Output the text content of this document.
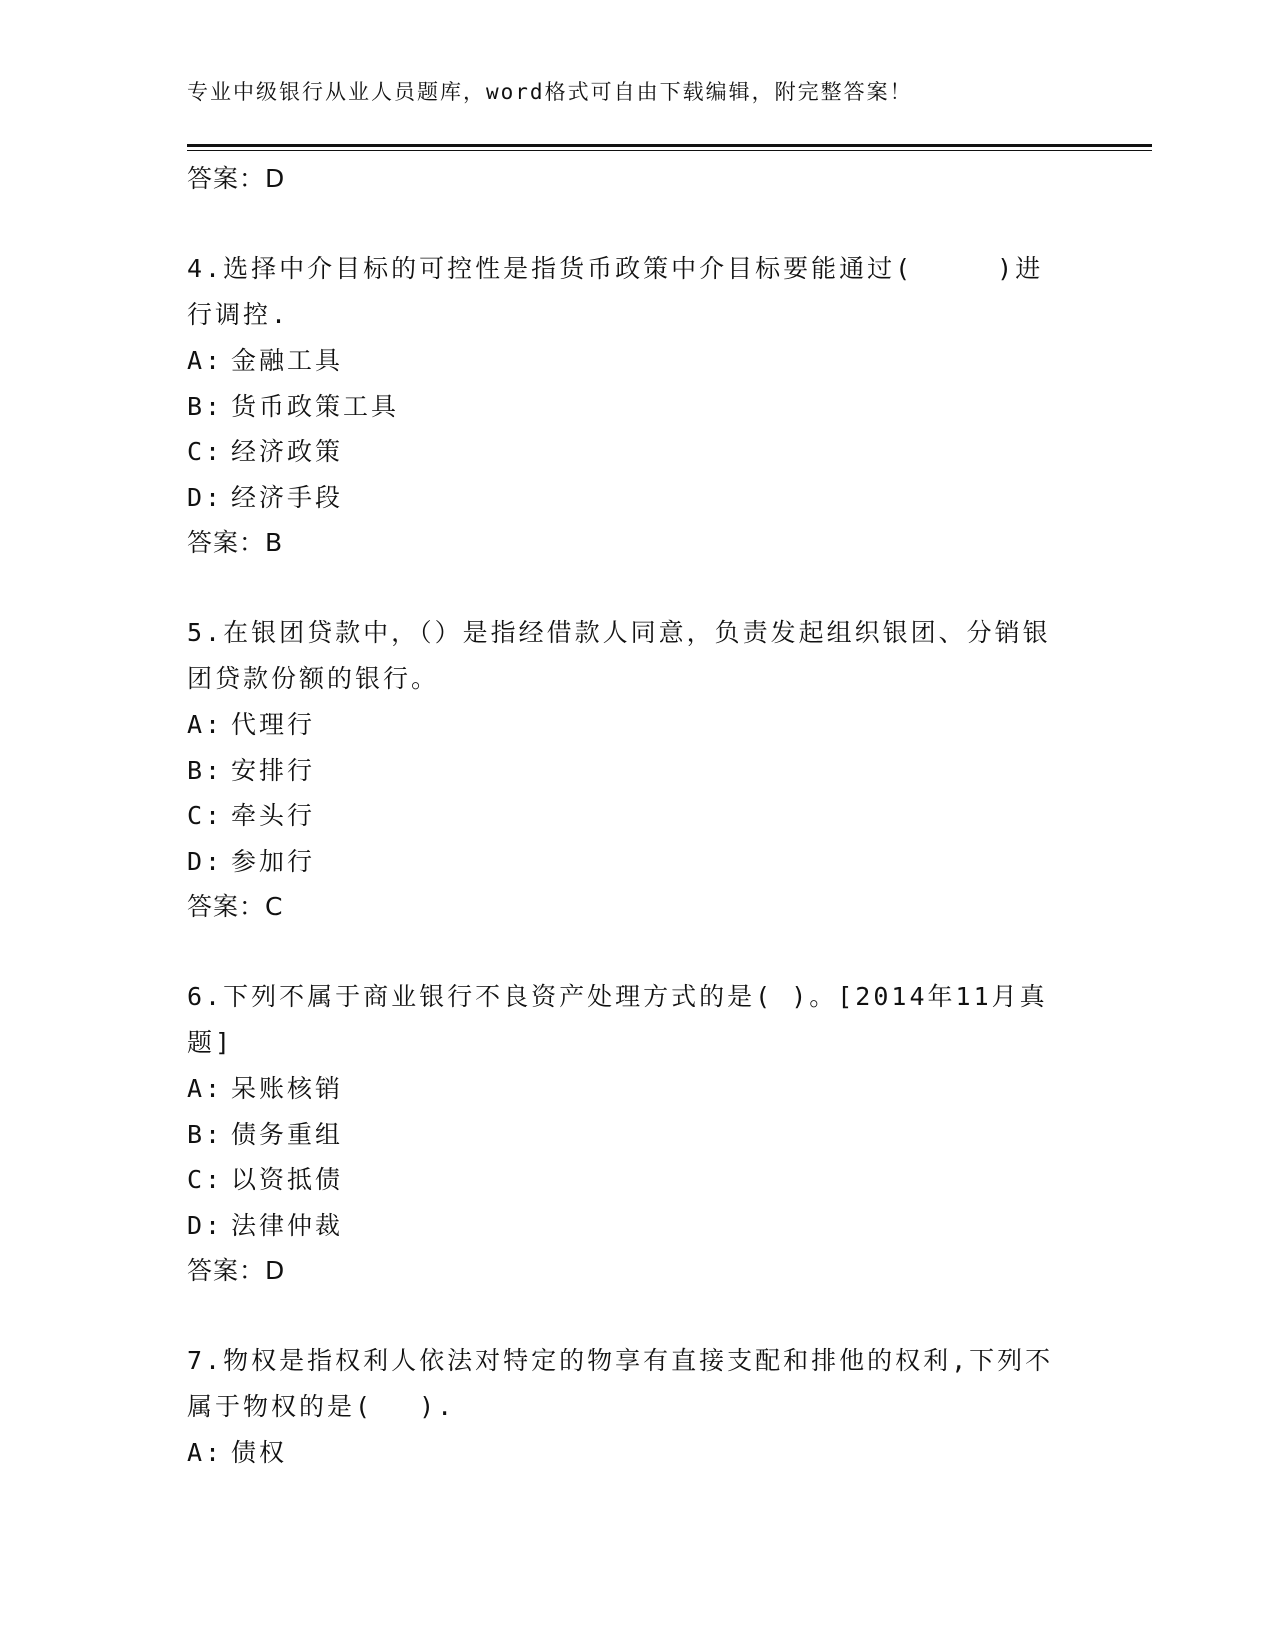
专业中级银行从业人员题库，word格式可自由下载编辑，附完整答案！
答案：D
4.选择中介目标的可控性是指货币政策中介目标要能通过(　　　)进行调控.
A: 金融工具
B: 货币政策工具
C: 经济政策
D: 经济手段
答案：B
5.在银团贷款中，（）是指经借款人同意，负责发起组织银团、分销银团贷款份额的银行。
A: 代理行
B: 安排行
C: 牵头行
D: 参加行
答案：C
6.下列不属于商业银行不良资产处理方式的是( )。[2014年11月真题]
A: 呆账核销
B: 债务重组
C: 以资抵债
D: 法律仲裁
答案：D
7.物权是指权利人依法对特定的物享有直接支配和排他的权利,下列不属于物权的是(　 ).
A: 债权
